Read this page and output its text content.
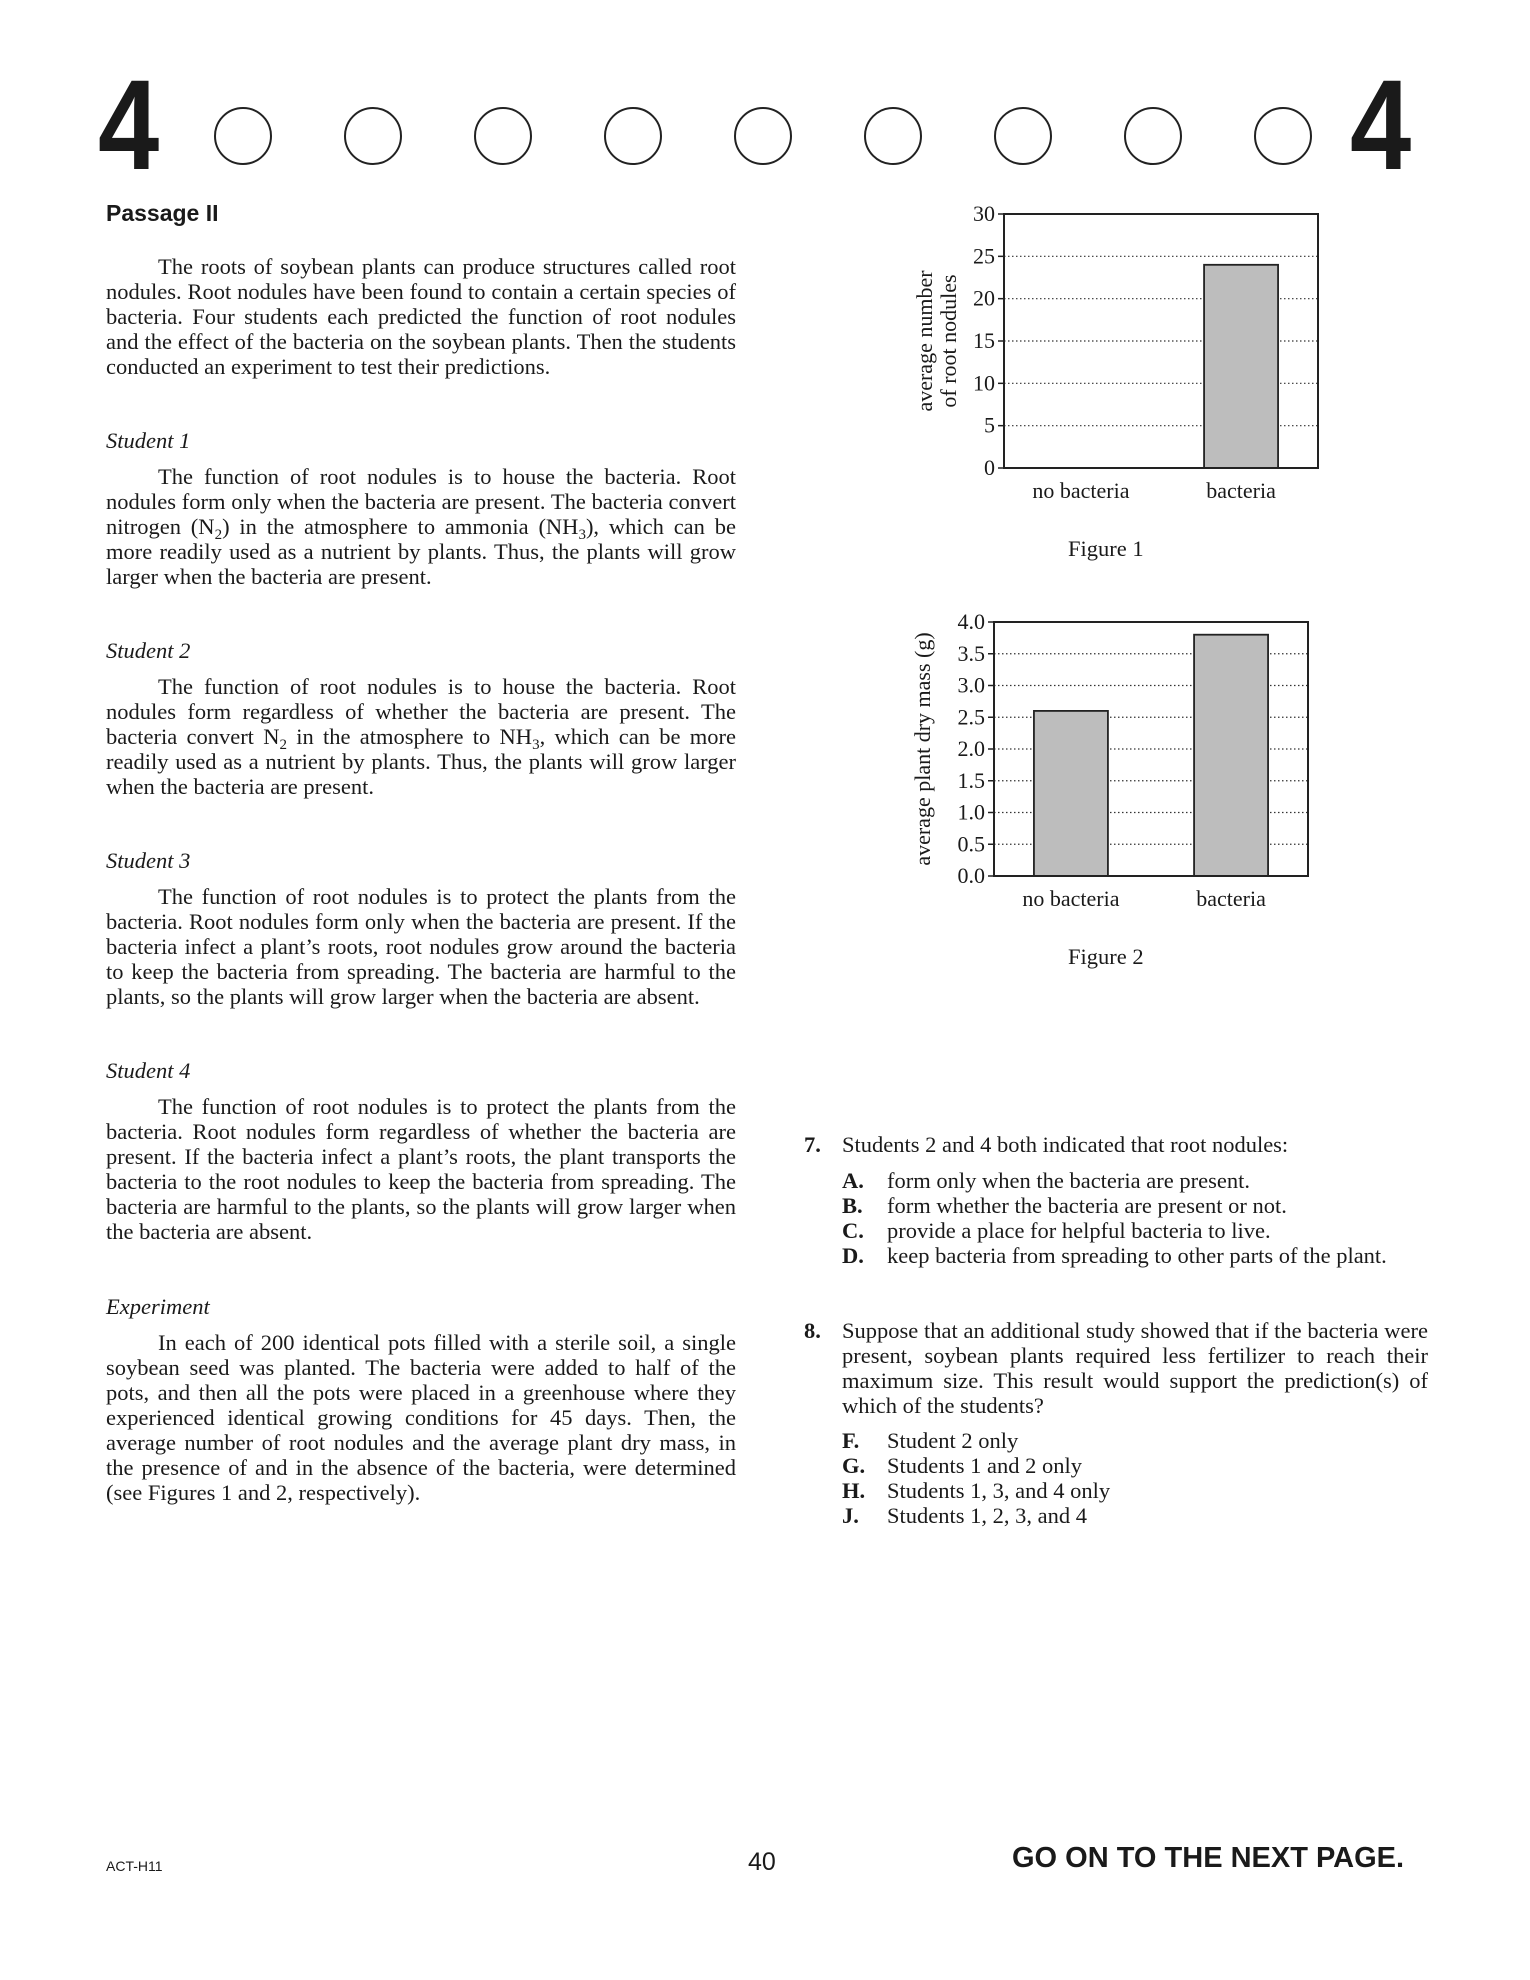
4	4
Passage II

The roots of soybean plants can produce structures called root nodules. Root nodules have been found to contain a certain species of bacteria. Four students each predicted the function of root nodules and the effect of the bacteria on the soybean plants. Then the students conducted an experiment to test their predictions.

Student 1

The function of root nodules is to house the bacteria. Root nodules form only when the bacteria are present. The bacteria convert nitrogen $(N_2)$ in the atmosphere to ammonia $(NH_3)$, which can be more readily used as a nutrient by plants. Thus, the plants will grow larger when the bacteria are present.

Student 2

The function of root nodules is to house the bacteria. Root nodules form regardless of whether the bacteria are present. The bacteria convert $N_2$ in the atmosphere to $NH_3$, which can be more readily used as a nutrient by plants. Thus, the plants will grow larger when the bacteria are present.

Student 3

The function of root nodules is to protect the plants from the bacteria. Root nodules form only when the bacteria are present. If the bacteria infect a plant’s roots, root nodules grow around the bacteria to keep the bacteria from spreading. The bacteria are harmful to the plants, so the plants will grow larger when the bacteria are absent.

Student 4

The function of root nodules is to protect the plants from the bacteria. Root nodules form regardless of whether the bacteria are present. If the bacteria infect a plant’s roots, the plant transports the bacteria to the root nodules to keep the bacteria from spreading. The bacteria are harmful to the plants, so the plants will grow larger when the bacteria are absent.

Experiment

In each of 200 identical pots filled with a sterile soil, a single soybean seed was planted. The bacteria were added to half of the pots, and then all the pots were placed in a greenhouse where they experienced identical growing conditions for 45 days. Then, the average number of root nodules and the average plant dry mass, in the presence of and in the absence of the bacteria, were determined (see Figures 1 and 2, respectively).

0
5
10
15
20
25
30
no bacteria	bacteria
average number of root nodules
Figure 1
0.0
0.5
1.0
1.5
2.0
2.5
3.0
3.5
4.0
no bacteria	bacteria
average plant dry mass (g)
Figure 2
7. Students 2 and 4 both indicated that root nodules:
A. form only when the bacteria are present.
B. form whether the bacteria are present or not.
C. provide a place for helpful bacteria to live.
D. keep bacteria from spreading to other parts of the plant.
8. Suppose that an additional study showed that if the bacteria were present, soybean plants required less fertilizer to reach their maximum size. This result would support the prediction(s) of which of the students?
F. Student 2 only
G. Students 1 and 2 only
H. Students 1, 3, and 4 only
J. Students 1, 2, 3, and 4
ACT-H11	40	GO ON TO THE NEXT PAGE.
